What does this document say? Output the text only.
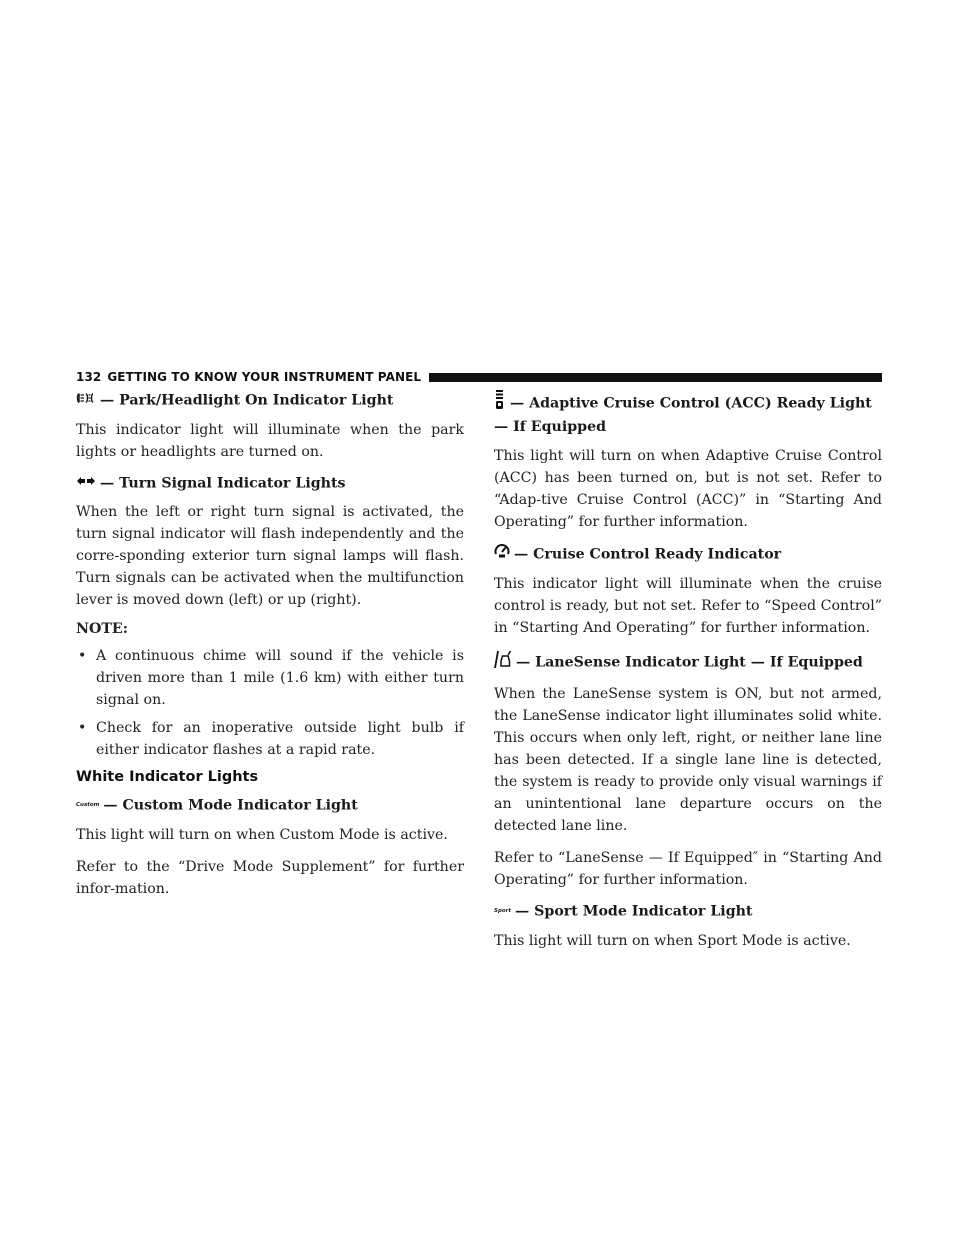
132 GETTING TO KNOW YOUR INSTRUMENT PANEL
— Park/Headlight On Indicator Light

This indicator light will illuminate when the park lights or headlights are turned on.

— Turn Signal Indicator Lights

When the left or right turn signal is activated, the turn signal indicator will flash independently and the corre-sponding exterior turn signal lamps will flash. Turn signals can be activated when the multifunction lever is moved down (left) or up (right).

NOTE:
• A continuous chime will sound if the vehicle is driven more than 1 mile (1.6 km) with either turn signal on.
• Check for an inoperative outside light bulb if either indicator flashes at a rapid rate.
White Indicator Lights
Custom — Custom Mode Indicator Light

This light will turn on when Custom Mode is active.

Refer to the “Drive Mode Supplement” for further infor-mation.

— Adaptive Cruise Control (ACC) Ready Light — If Equipped

This light will turn on when Adaptive Cruise Control (ACC) has been turned on, but is not set. Refer to “Adap-tive Cruise Control (ACC)” in “Starting And Operating” for further information.

— Cruise Control Ready Indicator

This indicator light will illuminate when the cruise control is ready, but not set. Refer to “Speed Control” in “Starting And Operating” for further information.

— LaneSense Indicator Light — If Equipped

When the LaneSense system is ON, but not armed, the LaneSense indicator light illuminates solid white. This occurs when only left, right, or neither lane line has been detected. If a single lane line is detected, the system is ready to provide only visual warnings if an unintentional lane departure occurs on the detected lane line.

Refer to “LaneSense — If Equipped″ in “Starting And Operating” for further information.

Sport — Sport Mode Indicator Light

This light will turn on when Sport Mode is active.
